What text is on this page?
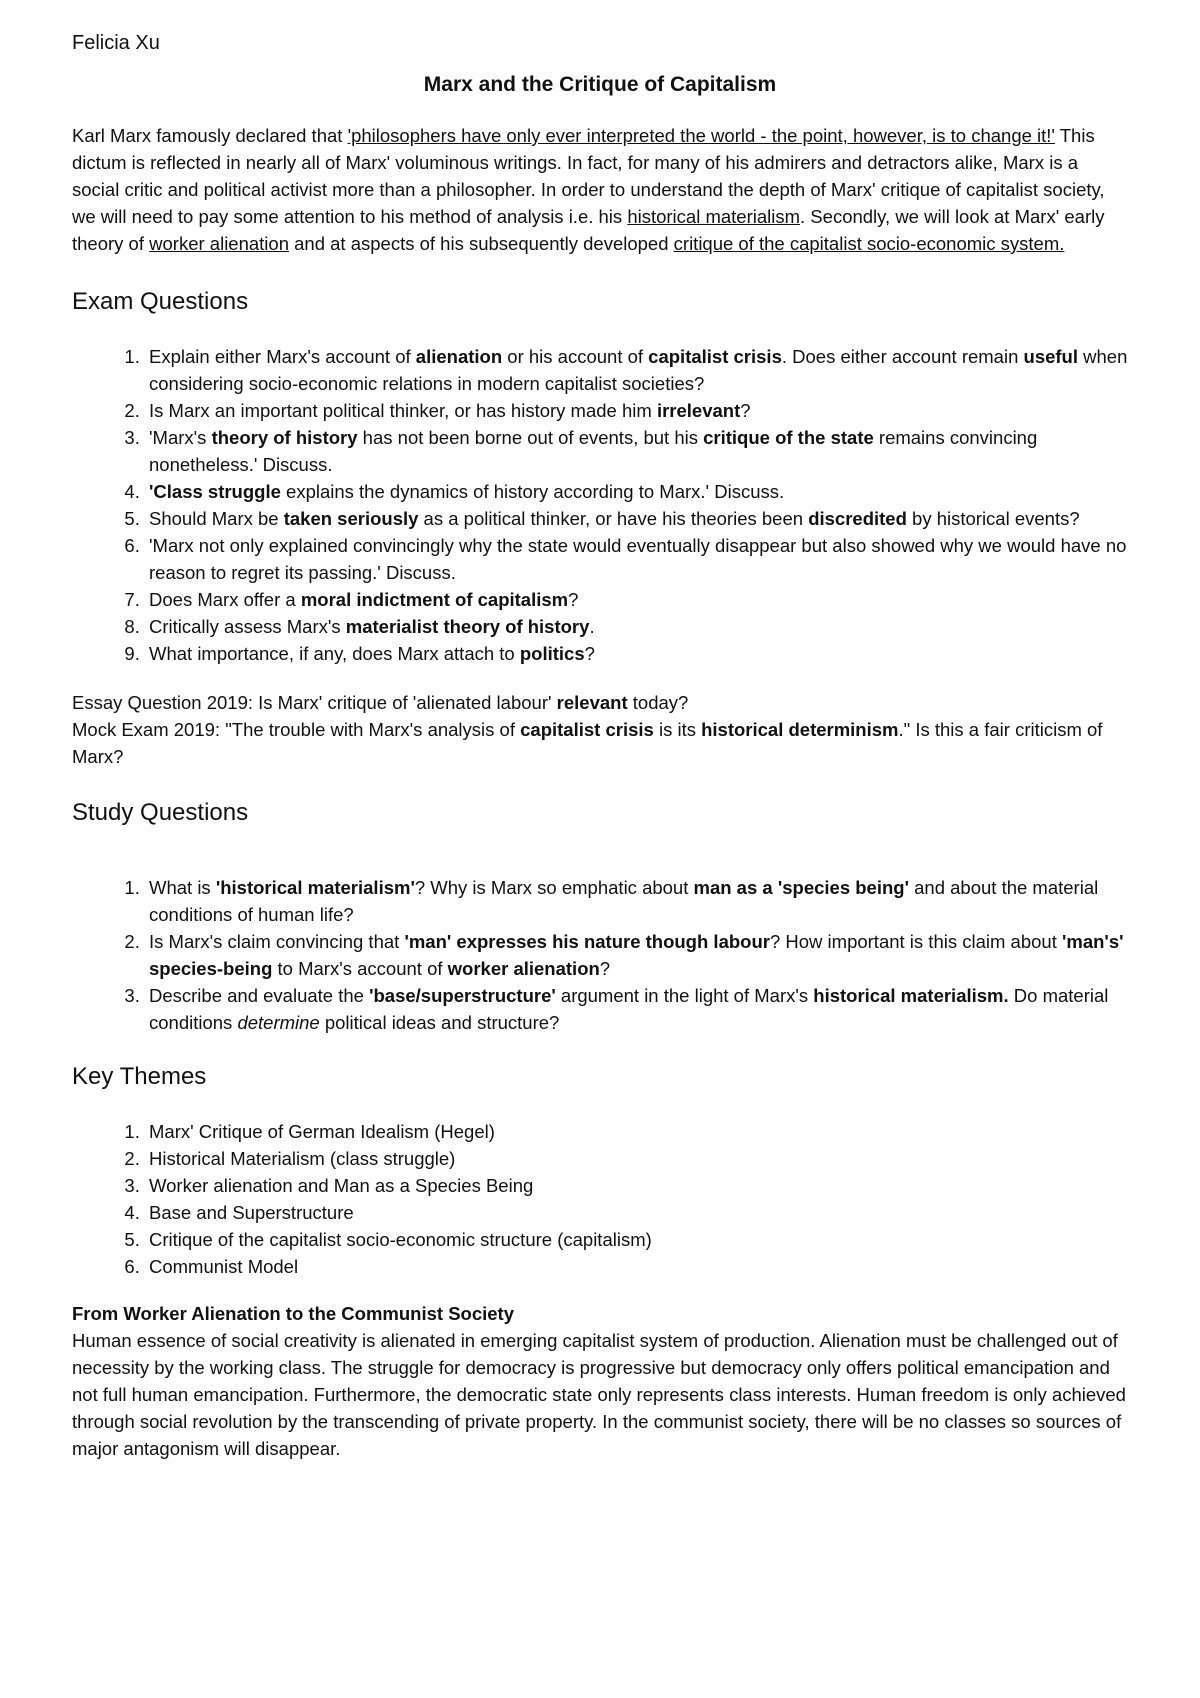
Felicia Xu
Marx and the Critique of Capitalism

Karl Marx famously declared that 'philosophers have only ever interpreted the world - the point, however, is to change it!' This dictum is reflected in nearly all of Marx' voluminous writings. In fact, for many of his admirers and detractors alike, Marx is a social critic and political activist more than a philosopher. In order to understand the depth of Marx' critique of capitalist society, we will need to pay some attention to his method of analysis i.e. his historical materialism. Secondly, we will look at Marx' early theory of worker alienation and at aspects of his subsequently developed critique of the capitalist socio-economic system.

Exam Questions
1. Explain either Marx's account of alienation or his account of capitalist crisis. Does either account remain useful when considering socio-economic relations in modern capitalist societies?
2. Is Marx an important political thinker, or has history made him irrelevant?
3. 'Marx's theory of history has not been borne out of events, but his critique of the state remains convincing nonetheless.' Discuss.
4. 'Class struggle explains the dynamics of history according to Marx.' Discuss.
5. Should Marx be taken seriously as a political thinker, or have his theories been discredited by historical events?
6. 'Marx not only explained convincingly why the state would eventually disappear but also showed why we would have no reason to regret its passing.' Discuss.
7. Does Marx offer a moral indictment of capitalism?
8. Critically assess Marx's materialist theory of history.
9. What importance, if any, does Marx attach to politics?

Essay Question 2019: Is Marx' critique of 'alienated labour' relevant today?

Mock Exam 2019: "The trouble with Marx's analysis of capitalist crisis is its historical determinism." Is this a fair criticism of Marx?

Study Questions
1. What is 'historical materialism'? Why is Marx so emphatic about man as a 'species being' and about the material conditions of human life?
2. Is Marx's claim convincing that 'man' expresses his nature though labour? How important is this claim about 'man's' species-being to Marx's account of worker alienation?
3. Describe and evaluate the 'base/superstructure' argument in the light of Marx's historical materialism. Do material conditions determine political ideas and structure?
Key Themes
1. Marx' Critique of German Idealism (Hegel)
2. Historical Materialism (class struggle)
3. Worker alienation and Man as a Species Being
4. Base and Superstructure
5. Critique of the capitalist socio-economic structure (capitalism)
6. Communist Model

From Worker Alienation to the Communist Society

Human essence of social creativity is alienated in emerging capitalist system of production. Alienation must be challenged out of necessity by the working class. The struggle for democracy is progressive but democracy only offers political emancipation and not full human emancipation. Furthermore, the democratic state only represents class interests. Human freedom is only achieved through social revolution by the transcending of private property. In the communist society, there will be no classes so sources of major antagonism will disappear.
